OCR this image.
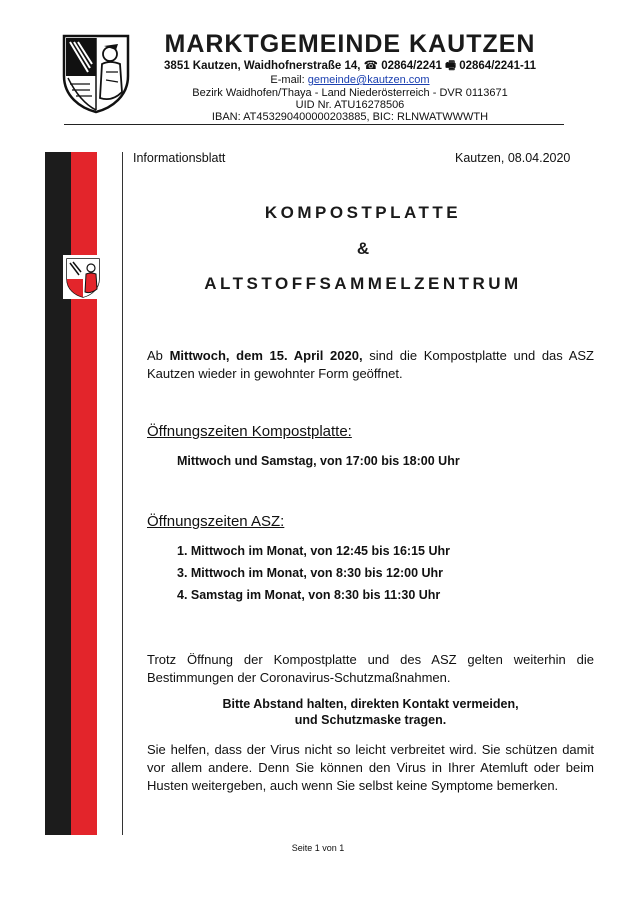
MARKTGEMEINDE KAUTZEN
3851 Kautzen, Waidhofnerstraße 14, ☎ 02864/2241 🖷 02864/2241-11
E-mail: gemeinde@kautzen.com
Bezirk Waidhofen/Thaya - Land Niederösterreich - DVR 0113671
UID Nr. ATU16278506
IBAN: AT453290400000203885, BIC: RLNWATWWWTH
Informationsblatt	Kautzen, 08.04.2020
KOMPOSTPLATTE
&
ALTSTOFFSAMMELZENTRUM
Ab Mittwoch, dem 15. April 2020, sind die Kompostplatte und das ASZ Kautzen wieder in gewohnter Form geöffnet.
Öffnungszeiten Kompostplatte:
Mittwoch und Samstag, von 17:00 bis 18:00 Uhr
Öffnungszeiten ASZ:
1. Mittwoch im Monat, von 12:45 bis 16:15 Uhr
3. Mittwoch im Monat, von 8:30 bis 12:00 Uhr
4. Samstag im Monat, von 8:30 bis 11:30 Uhr
Trotz Öffnung der Kompostplatte und des ASZ gelten weiterhin die Bestimmungen der Coronavirus-Schutzmaßnahmen.
Bitte Abstand halten, direkten Kontakt vermeiden,
und Schutzmaske tragen.
Sie helfen, dass der Virus nicht so leicht verbreitet wird. Sie schützen damit vor allem andere. Denn Sie können den Virus in Ihrer Atemluft oder beim Husten weitergeben, auch wenn Sie selbst keine Symptome bemerken.
Seite 1 von 1
